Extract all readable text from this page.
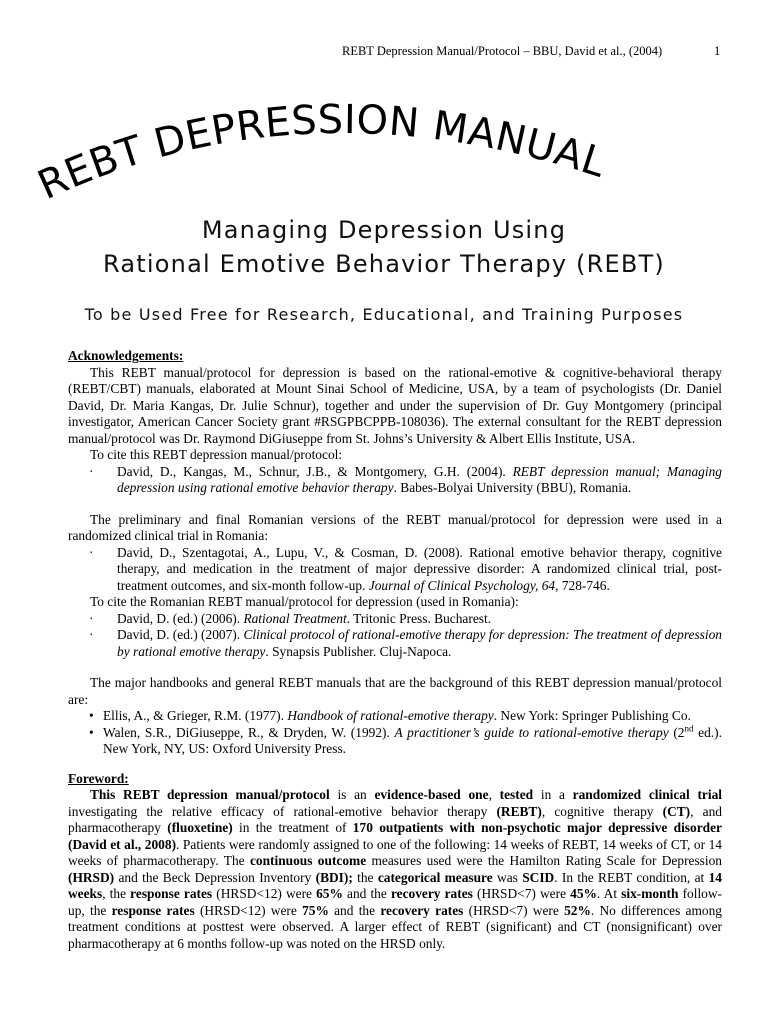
REBT Depression Manual/Protocol – BBU, David et al., (2004)	1
REBT DEPRESSION MANUAL
Managing Depression Using
Rational Emotive Behavior Therapy (REBT)
To be Used Free for Research, Educational, and Training Purposes

Acknowledgements:

This REBT manual/protocol for depression is based on the rational-emotive & cognitive-behavioral therapy (REBT/CBT) manuals, elaborated at Mount Sinai School of Medicine, USA, by a team of psychologists (Dr. Daniel David, Dr. Maria Kangas, Dr. Julie Schnur), together and under the supervision of Dr. Guy Montgomery (principal investigator, American Cancer Society grant #RSGPBCPPB-108036). The external consultant for the REBT depression manual/protocol was Dr. Raymond DiGiuseppe from St. Johns’s University & Albert Ellis Institute, USA.

To cite this REBT depression manual/protocol:

· David, D., Kangas, M., Schnur, J.B., & Montgomery, G.H. (2004). REBT depression manual; Managing depression using rational emotive behavior therapy. Babes-Bolyai University (BBU), Romania.

The preliminary and final Romanian versions of the REBT manual/protocol for depression were used in a randomized clinical trial in Romania:

· David, D., Szentagotai, A., Lupu, V., & Cosman, D. (2008). Rational emotive behavior therapy, cognitive therapy, and medication in the treatment of major depressive disorder: A randomized clinical trial, post-treatment outcomes, and six-month follow-up. Journal of Clinical Psychology, 64, 728-746.

To cite the Romanian REBT manual/protocol for depression (used in Romania):

· David, D. (ed.) (2006). Rational Treatment. Tritonic Press. Bucharest.
· David, D. (ed.) (2007). Clinical protocol of rational-emotive therapy for depression: The treatment of depression by rational emotive therapy. Synapsis Publisher. Cluj-Napoca.

The major handbooks and general REBT manuals that are the background of this REBT depression manual/protocol are:

• Ellis, A., & Grieger, R.M. (1977). Handbook of rational-emotive therapy. New York: Springer Publishing Co.
• Walen, S.R., DiGiuseppe, R., & Dryden, W. (1992). A practitioner’s guide to rational-emotive therapy (2nd ed.). New York, NY, US: Oxford University Press.

Foreword:

This REBT depression manual/protocol is an evidence-based one, tested in a randomized clinical trial investigating the relative efficacy of rational-emotive behavior therapy (REBT), cognitive therapy (CT), and pharmacotherapy (fluoxetine) in the treatment of 170 outpatients with non-psychotic major depressive disorder (David et al., 2008). Patients were randomly assigned to one of the following: 14 weeks of REBT, 14 weeks of CT, or 14 weeks of pharmacotherapy. The continuous outcome measures used were the Hamilton Rating Scale for Depression (HRSD) and the Beck Depression Inventory (BDI); the categorical measure was SCID. In the REBT condition, at 14 weeks, the response rates (HRSD<12) were 65% and the recovery rates (HRSD<7) were 45%. At six-month follow-up, the response rates (HRSD<12) were 75% and the recovery rates (HRSD<7) were 52%. No differences among treatment conditions at posttest were observed. A larger effect of REBT (significant) and CT (nonsignificant) over pharmacotherapy at 6 months follow-up was noted on the HRSD only.
